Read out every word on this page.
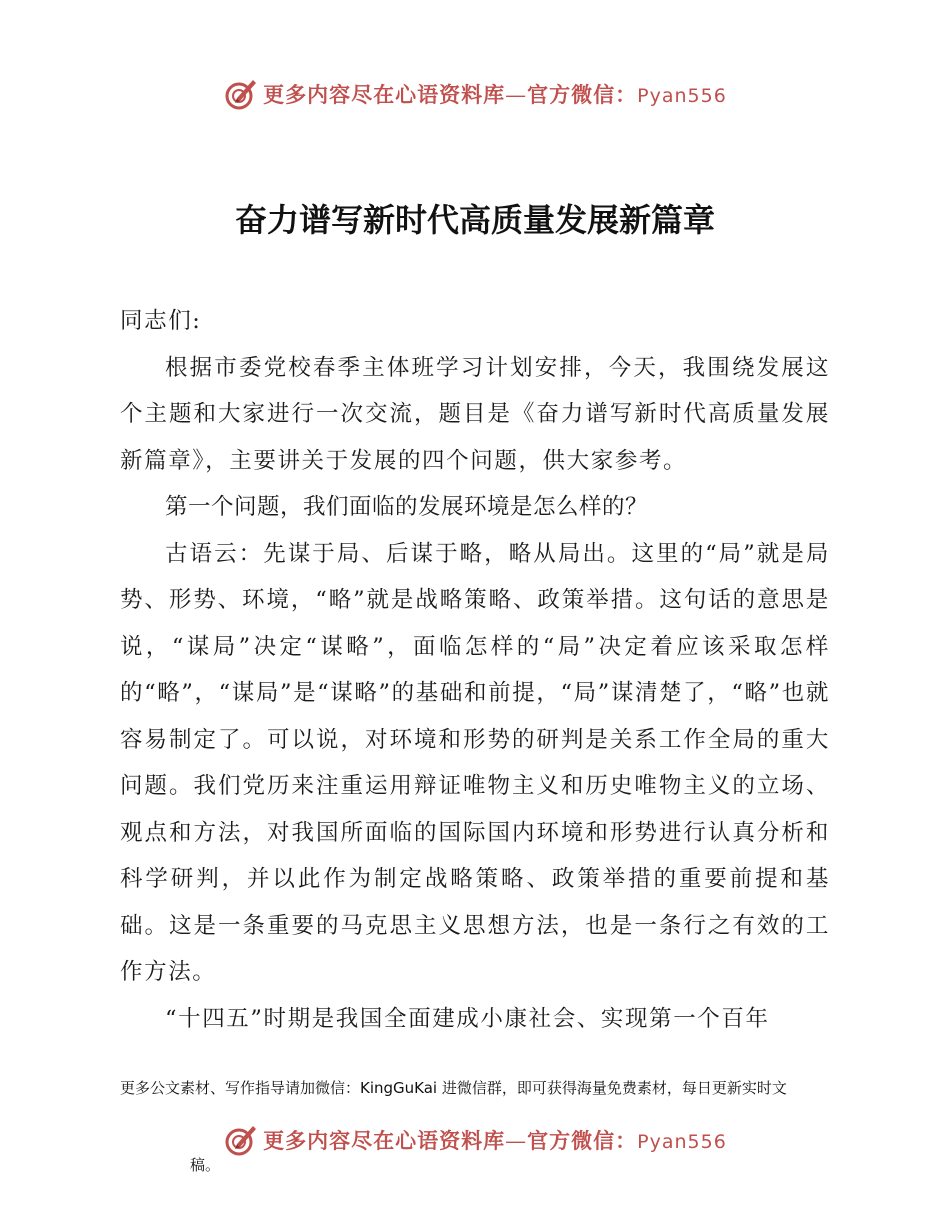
更多内容尽在心语资料库—官方微信：Pyan556
奋力谱写新时代高质量发展新篇章

同志们:

根据市委党校春季主体班学习计划安排，今天，我围绕发展这个主题和大家进行一次交流，题目是《奋力谱写新时代高质量发展新篇章》，主要讲关于发展的四个问题，供大家参考。

第一个问题，我们面临的发展环境是怎么样的？

古语云：先谋于局、后谋于略，略从局出。这里的“局”就是局势、形势、环境，“略”就是战略策略、政策举措。这句话的意思是说，“谋局”决定“谋略”，面临怎样的“局”决定着应该采取怎样的“略”，“谋局”是“谋略”的基础和前提，“局”谋清楚了，“略”也就容易制定了。可以说，对环境和形势的研判是关系工作全局的重大问题。我们党历来注重运用辩证唯物主义和历史唯物主义的立场、观点和方法，对我国所面临的国际国内环境和形势进行认真分析和科学研判，并以此作为制定战略策略、政策举措的重要前提和基础。这是一条重要的马克思主义思想方法，也是一条行之有效的工作方法。

“十四五”时期是我国全面建成小康社会、实现第一个百年

更多公文素材、写作指导请加微信：KingGuKai 进微信群，即可获得海量免费素材，每日更新实时文
更多内容尽在心语资料库—官方微信：Pyan556
稿。
